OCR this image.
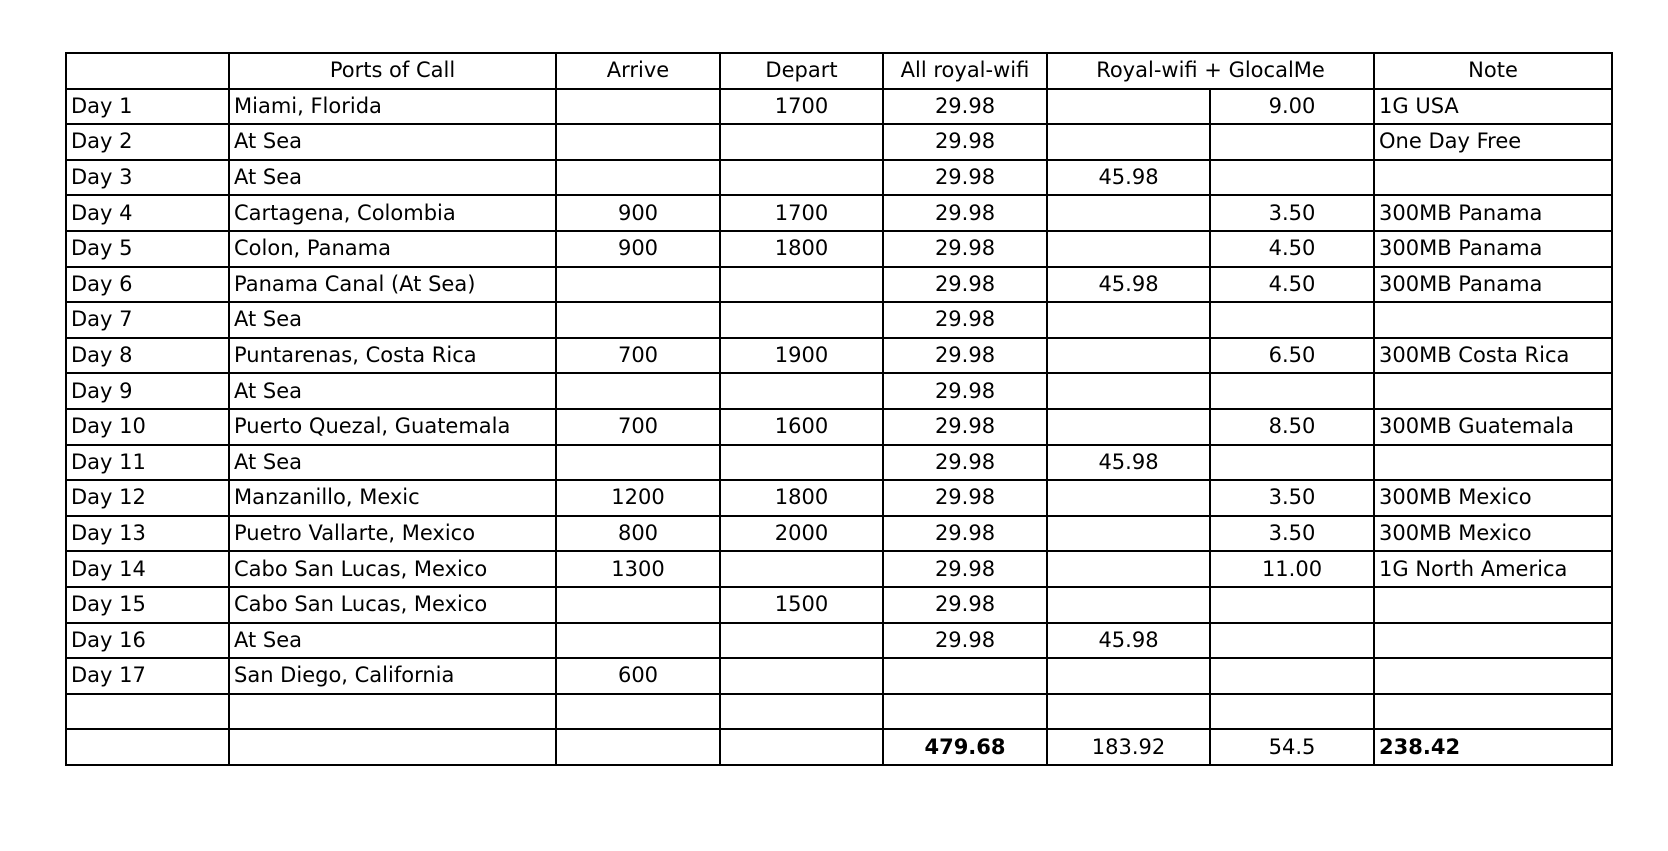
	Ports of Call	Arrive	Depart	All royal-wifi	Royal-wifi + GlocalMe		Note
Day 1	Miami, Florida		1700	29.98		9.00	1G USA
Day 2	At Sea			29.98			One Day Free
Day 3	At Sea			29.98	45.98		
Day 4	Cartagena, Colombia	900	1700	29.98		3.50	300MB Panama
Day 5	Colon, Panama	900	1800	29.98		4.50	300MB Panama
Day 6	Panama Canal (At Sea)			29.98	45.98	4.50	300MB Panama
Day 7	At Sea			29.98			
Day 8	Puntarenas, Costa Rica	700	1900	29.98		6.50	300MB Costa Rica
Day 9	At Sea			29.98			
Day 10	Puerto Quezal, Guatemala	700	1600	29.98		8.50	300MB Guatemala
Day 11	At Sea			29.98	45.98		
Day 12	Manzanillo, Mexic	1200	1800	29.98		3.50	300MB Mexico
Day 13	Puetro Vallarte, Mexico	800	2000	29.98		3.50	300MB Mexico
Day 14	Cabo San Lucas, Mexico	1300		29.98		11.00	1G North America
Day 15	Cabo San Lucas, Mexico		1500	29.98			
Day 16	At Sea			29.98	45.98		
Day 17	San Diego, California	600					

				479.68	183.92	54.5	238.42
